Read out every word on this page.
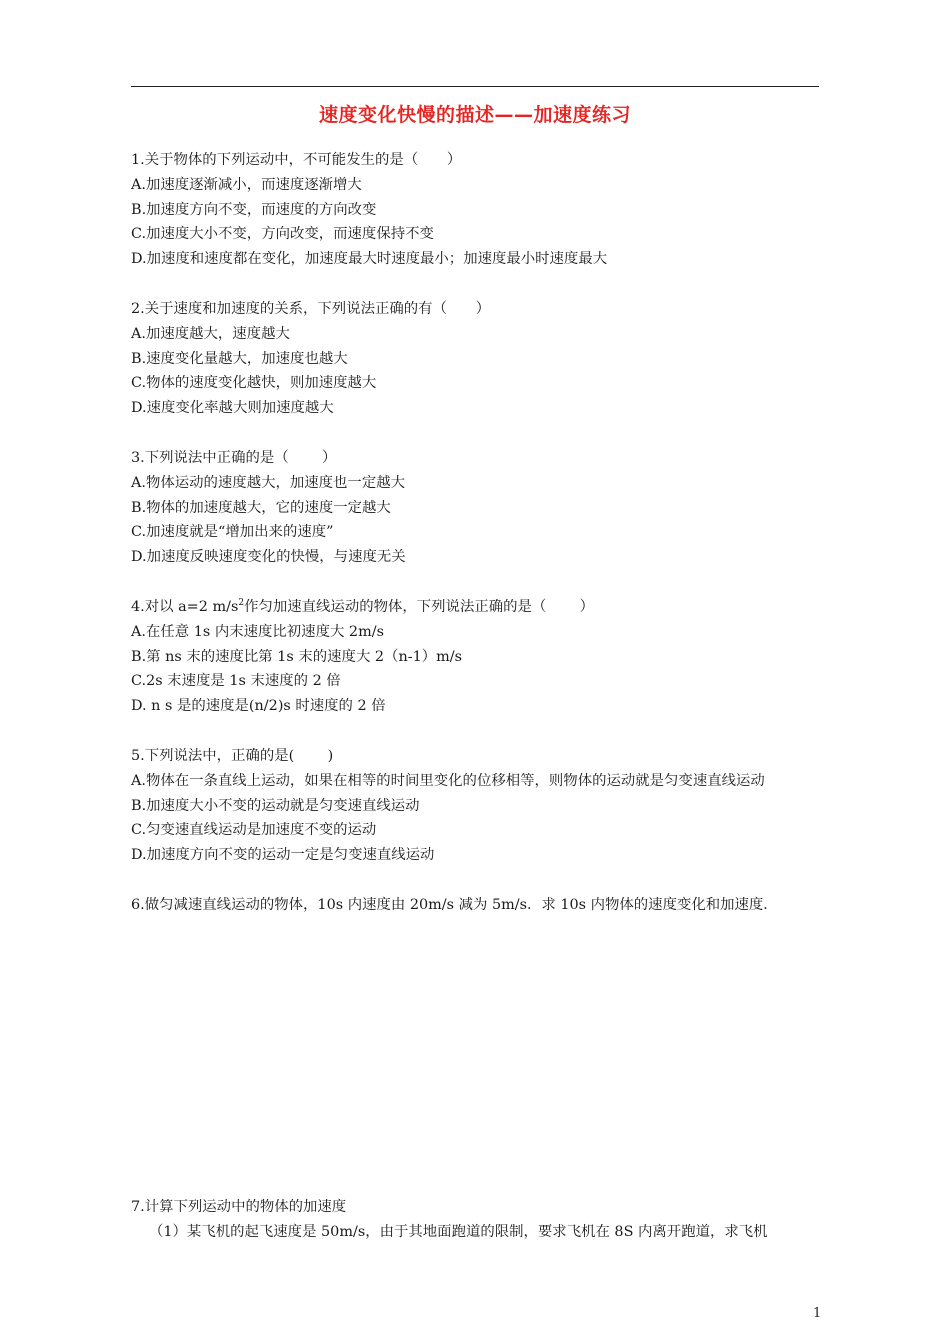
速度变化快慢的描述——加速度练习
1.关于物体的下列运动中，不可能发生的是（　　）
A.加速度逐渐减小，而速度逐渐增大
B.加速度方向不变，而速度的方向改变
C.加速度大小不变，方向改变，而速度保持不变
D.加速度和速度都在变化，加速度最大时速度最小；加速度最小时速度最大
2.关于速度和加速度的关系，下列说法正确的有（　　）
A.加速度越大，速度越大
B.速度变化量越大，加速度也越大
C.物体的速度变化越快，则加速度越大
D.速度变化率越大则加速度越大
3.下列说法中正确的是（　　 ）
A.物体运动的速度越大，加速度也一定越大
B.物体的加速度越大，它的速度一定越大
C.加速度就是“增加出来的速度”
D.加速度反映速度变化的快慢，与速度无关
4.对以 a=2 $m/s^2$作匀加速直线运动的物体，下列说法正确的是（　　 ）
A.在任意 1s 内末速度比初速度大 2m/s
B.第 ns 末的速度比第 1s 末的速度大 2（n-1）m/s
C.2s 末速度是 1s 末速度的 2 倍
D. n s 是的速度是(n/2)s 时速度的 2 倍
5.下列说法中，正确的是(　　 )
A.物体在一条直线上运动，如果在相等的时间里变化的位移相等，则物体的运动就是匀变速直线运动
B.加速度大小不变的运动就是匀变速直线运动
C.匀变速直线运动是加速度不变的运动
D.加速度方向不变的运动一定是匀变速直线运动
6.做匀减速直线运动的物体，10s 内速度由 20m/s 减为 5m/s．求 10s 内物体的速度变化和加速度．
7.计算下列运动中的物体的加速度
（1）某飞机的起飞速度是 50m/s，由于其地面跑道的限制，要求飞机在 8S 内离开跑道，求飞机
1
